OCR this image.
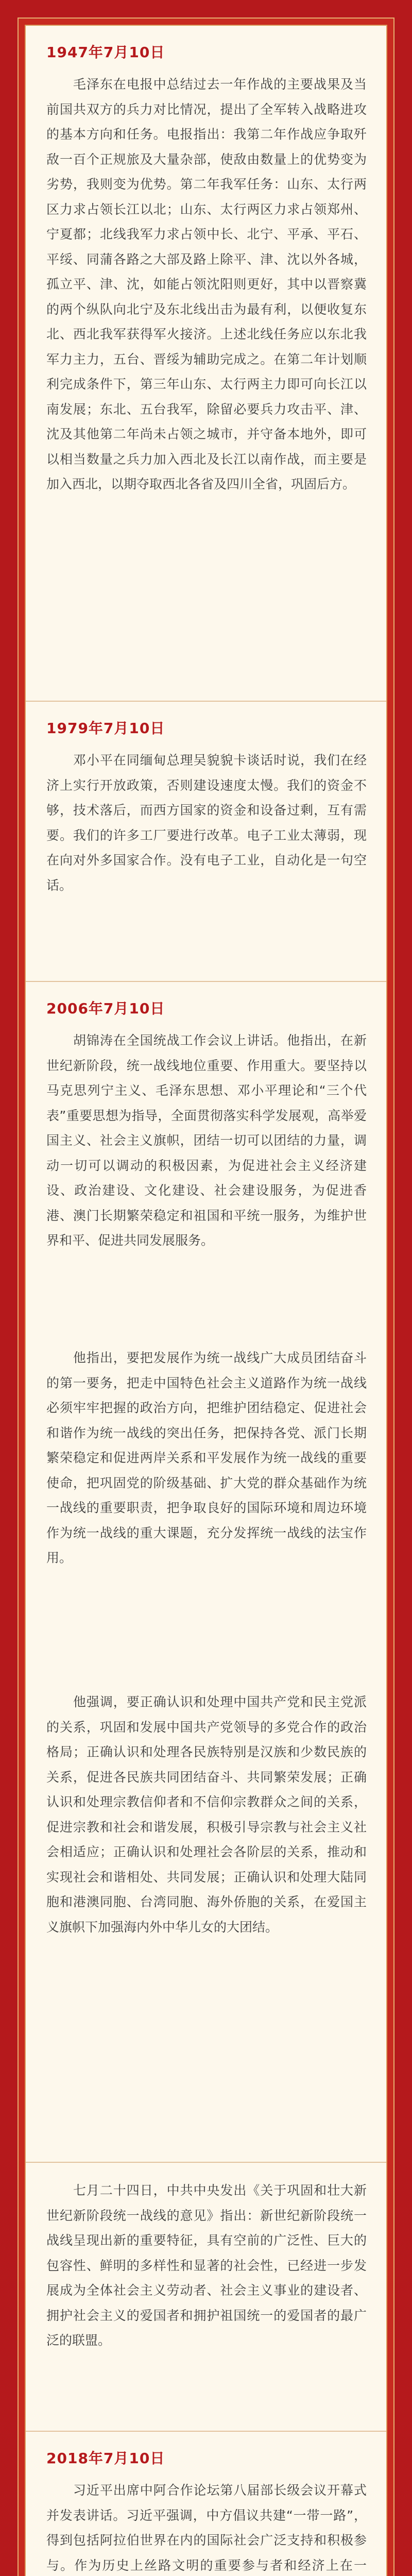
1947年7月10日

毛泽东在电报中总结过去一年作战的主要战果及当前国共双方的兵力对比情况，提出了全军转入战略进攻的基本方向和任务。电报指出：我第二年作战应争取歼敌一百个正规旅及大量杂部，使敌由数量上的优势变为劣势，我则变为优势。第二年我军任务：山东、太行两区力求占领长江以北；山东、太行两区力求占领郑州、宁夏都；北线我军力求占领中长、北宁、平承、平石、平绥、同蒲各路之大部及路上除平、津、沈以外各城，孤立平、津、沈，如能占领沈阳则更好，其中以晋察冀的两个纵队向北宁及东北线出击为最有利，以便收复东北、西北我军获得军火接济。上述北线任务应以东北我军力主力，五台、晋绥为辅助完成之。在第二年计划顺利完成条件下，第三年山东、太行两主力即可向长江以南发展；东北、五台我军，除留必要兵力攻击平、津、沈及其他第二年尚未占领之城市，并守备本地外，即可以相当数量之兵力加入西北及长江以南作战，而主要是加入西北，以期夺取西北各省及四川全省，巩固后方。

1979年7月10日

邓小平在同缅甸总理吴貌貌卡谈话时说，我们在经济上实行开放政策，否则建设速度太慢。我们的资金不够，技术落后，而西方国家的资金和设备过剩，互有需要。我们的许多工厂要进行改革。电子工业太薄弱，现在向对外多国家合作。没有电子工业，自动化是一句空话。

2006年7月10日

胡锦涛在全国统战工作会议上讲话。他指出，在新世纪新阶段，统一战线地位重要、作用重大。要坚持以马克思列宁主义、毛泽东思想、邓小平理论和“三个代表”重要思想为指导，全面贯彻落实科学发展观，高举爱国主义、社会主义旗帜，团结一切可以团结的力量，调动一切可以调动的积极因素，为促进社会主义经济建设、政治建设、文化建设、社会建设服务，为促进香港、澳门长期繁荣稳定和祖国和平统一服务，为维护世界和平、促进共同发展服务。

他指出，要把发展作为统一战线广大成员团结奋斗的第一要务，把走中国特色社会主义道路作为统一战线必须牢牢把握的政治方向，把维护团结稳定、促进社会和谐作为统一战线的突出任务，把保持各党、派门长期繁荣稳定和促进两岸关系和平发展作为统一战线的重要使命，把巩固党的阶级基础、扩大党的群众基础作为统一战线的重要职责，把争取良好的国际环境和周边环境作为统一战线的重大课题，充分发挥统一战线的法宝作用。

他强调，要正确认识和处理中国共产党和民主党派的关系，巩固和发展中国共产党领导的多党合作的政治格局；正确认识和处理各民族特别是汉族和少数民族的关系，促进各民族共同团结奋斗、共同繁荣发展；正确认识和处理宗教信仰者和不信仰宗教群众之间的关系，促进宗教和社会和谐发展，积极引导宗教与社会主义社会相适应；正确认识和处理社会各阶层的关系，推动和实现社会和谐相处、共同发展；正确认识和处理大陆同胞和港澳同胞、台湾同胞、海外侨胞的关系，在爱国主义旗帜下加强海内外中华儿女的大团结。

七月二十四日，中共中央发出《关于巩固和壮大新世纪新阶段统一战线的意见》指出：新世纪新阶段统一战线呈现出新的重要特征，具有空前的广泛性、巨大的包容性、鲜明的多样性和显著的社会性，已经进一步发展成为全体社会主义劳动者、社会主义事业的建设者、拥护社会主义的爱国者和拥护祖国统一的爱国者的最广泛的联盟。

2018年7月10日

习近平出席中阿合作论坛第八届部长级会议开幕式并发表讲话。习近平强调，中方倡议共建“一带一路”，得到包括阿拉伯世界在内的国际社会广泛支持和积极参与。作为历史上丝路文明的重要参与者和经济上在一
